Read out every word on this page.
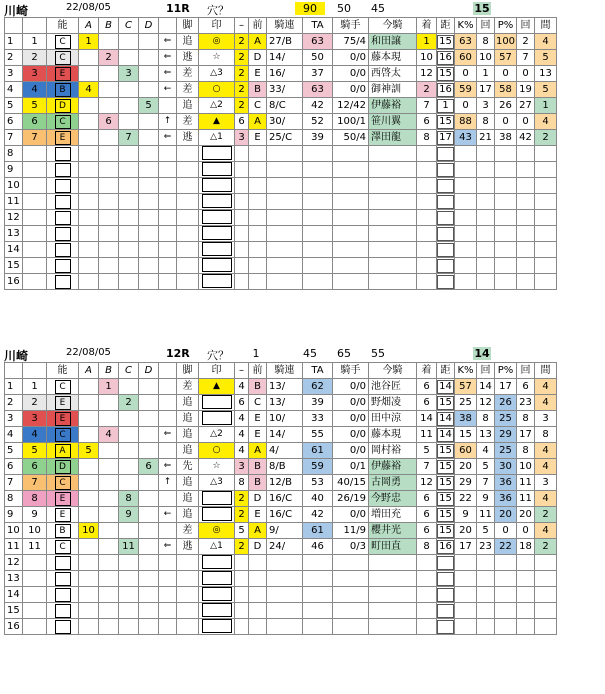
川崎	22/08/05	11R 穴？	90	50	45	15
		能	A	B	C	D		脚	印	–	前	騎連	TA	騎手	今騎	着	距	K%	回	P%	回	間
1	1	C	1				⇐	追	◎	2	A	27/B	63	75/4	和田譲	1	15	63	8	100	2	4
2	2	C		2			⇐	逃	☆	2	D	14/	50	0/0	藤本現	10	16	60	10	57	7	5
3	3	E			3		⇐	差	△3	2	E	16/	37	0/0	西啓太	12	15	0	1	0	0	13
4	4	B	4				←	差	○	2	B	33/	63	0/0	御神訓	2	16	59	17	58	19	5
5	5	D				5		追	△2	2	C	8/C	42	12/42	伊藤裕	7	1	0	3	26	27	1
6	6	C		6			↑	差	▲	6	A	30/	52	100/1	笹川翼	6	15	88	8	0	0	4
7	7	E			7		⇐	逃	△1	3	E	25/C	39	50/4	澤田龍	8	17	43	21	38	42	2
8																						
9																						
10																						
11																						
12																						
13																						
14																						
15																						
16																						
川崎	22/08/05	12R 穴？	1	45	65	55	14
		能	A	B	C	D		脚	印	–	前	騎連	TA	騎手	今騎	着	距	K%	回	P%	回	間
1	1	C		1				差	▲	4	B	13/	62	0/0	池谷匠	6	14	57	14	17	6	4
2	2	E			2			追		6	C	13/	39	0/0	野畑凌	6	15	25	12	26	23	4
3	3	E						追		4	E	10/	33	0/0	田中涼	14	14	38	8	25	8	3
4	4	C		4			⇐	追	△2	4	E	14/	55	0/0	藤本現	11	14	15	13	29	17	8
5	5	A	5					追	○	4	A	4/	61	0/0	岡村裕	5	15	60	4	25	8	4
6	6	D				6	⇐	先	☆	3	B	8/B	59	0/1	伊藤裕	7	15	20	5	30	10	4
7	7	C					↑	追	△3	8	B	12/B	53	40/15	古岡勇	12	15	29	7	36	11	3
8	8	E			8			追		2	D	16/C	40	26/19	今野忠	6	15	22	9	36	11	4
9	9	E			9		←	追		2	E	16/C	42	0/0	増田充	6	15	9	11	20	20	2
10	10	B	10					差	◎	5	A	9/	61	11/9	櫻井光	6	15	20	5	0	0	4
11	11	C			11		⇐	逃	△1	2	D	24/	46	0/3	町田直	8	16	17	23	22	18	2
12																						
13																						
14																						
15																						
16																						
